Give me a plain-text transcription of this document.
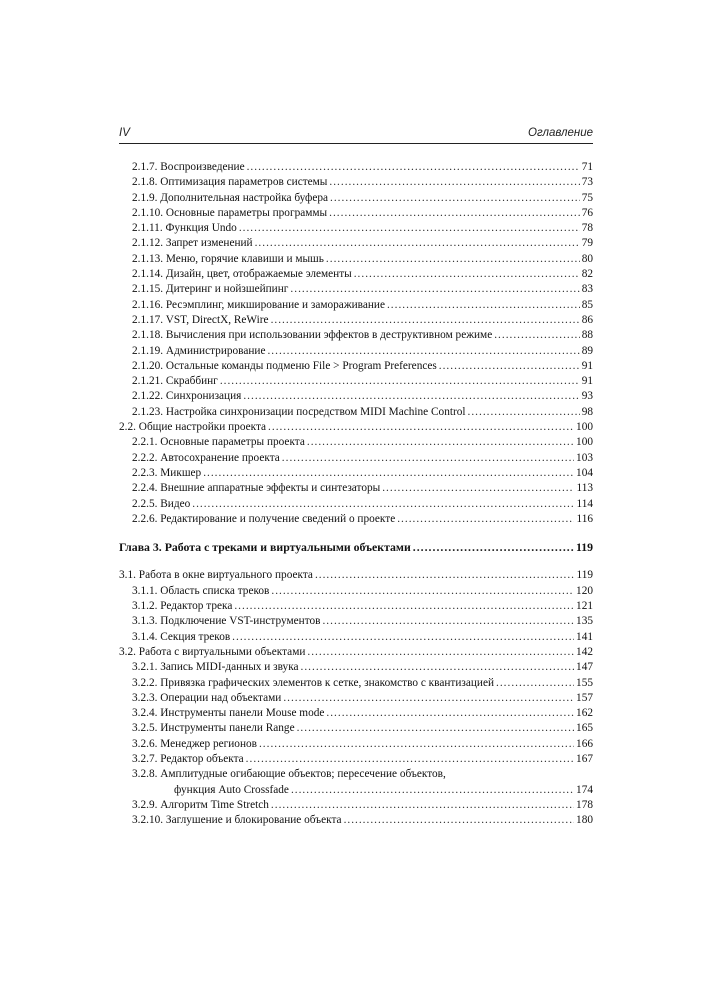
IV	Оглавление
2.1.7. Воспроизведение .....	71
2.1.8. Оптимизация параметров системы .....	73
2.1.9. Дополнительная настройка буфера .....	75
2.1.10. Основные параметры программы .....	76
2.1.11. Функция Undo .....	78
2.1.12. Запрет изменений .....	79
2.1.13. Меню, горячие клавиши и мышь .....	80
2.1.14. Дизайн, цвет, отображаемые элементы .....	82
2.1.15. Дитеринг и нойзшейпинг .....	83
2.1.16. Ресэмплинг, микширование и замораживание .....	85
2.1.17. VST, DirectX, ReWire .....	86
2.1.18. Вычисления при использовании эффектов в деструктивном режиме .....	88
2.1.19. Администрирование .....	89
2.1.20. Остальные команды подменю File > Program Preferences .....	91
2.1.21. Скраббинг .....	91
2.1.22. Синхронизация .....	93
2.1.23. Настройка синхронизации посредством MIDI Machine Control .....	98
2.2. Общие настройки проекта .....	100
2.2.1. Основные параметры проекта .....	100
2.2.2. Автосохранение проекта .....	103
2.2.3. Микшер .....	104
2.2.4. Внешние аппаратные эффекты и синтезаторы .....	113
2.2.5. Видео .....	114
2.2.6. Редактирование и получение сведений о проекте .....	116
Глава 3. Работа с треками и виртуальными объектами .....	119
3.1. Работа в окне виртуального проекта .....	119
3.1.1. Область списка треков .....	120
3.1.2. Редактор трека .....	121
3.1.3. Подключение VST-инструментов .....	135
3.1.4. Секция треков .....	141
3.2. Работа с виртуальными объектами .....	142
3.2.1. Запись MIDI-данных и звука .....	147
3.2.2. Привязка графических элементов к сетке, знакомство с квантизацией .....	155
3.2.3. Операции над объектами .....	157
3.2.4. Инструменты панели Mouse mode .....	162
3.2.5. Инструменты панели Range .....	165
3.2.6. Менеджер регионов .....	166
3.2.7. Редактор объекта .....	167
3.2.8. Амплитудные огибающие объектов; пересечение объектов,
функция Auto Crossfade .....	174
3.2.9. Алгоритм Time Stretch .....	178
3.2.10. Заглушение и блокирование объекта .....	180
